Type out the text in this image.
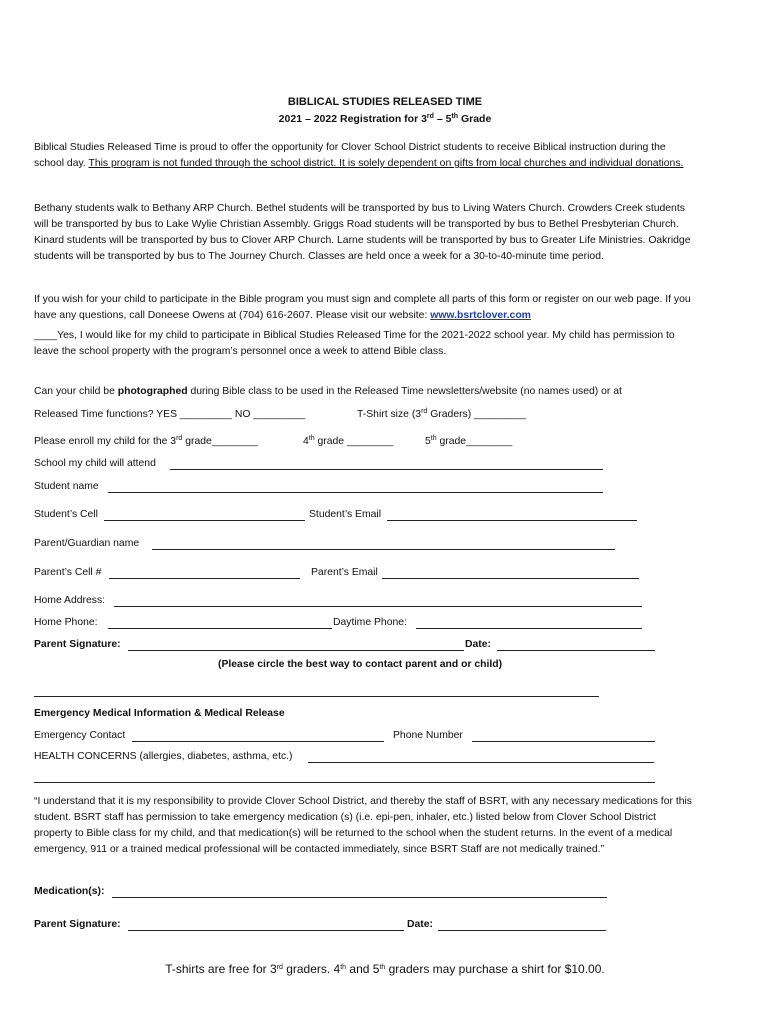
BIBLICAL STUDIES RELEASED TIME
2021 – 2022 Registration for 3rd – 5th Grade
Biblical Studies Released Time is proud to offer the opportunity for Clover School District students to receive Biblical instruction during the school day. This program is not funded through the school district. It is solely dependent on gifts from local churches and individual donations.
Bethany students walk to Bethany ARP Church. Bethel students will be transported by bus to Living Waters Church. Crowders Creek students will be transported by bus to Lake Wylie Christian Assembly. Griggs Road students will be transported by bus to Bethel Presbyterian Church. Kinard students will be transported by bus to Clover ARP Church. Larne students will be transported by bus to Greater Life Ministries. Oakridge students will be transported by bus to The Journey Church. Classes are held once a week for a 30-to-40-minute time period.
If you wish for your child to participate in the Bible program you must sign and complete all parts of this form or register on our web page. If you have any questions, call Doneese Owens at (704) 616-2607. Please visit our website: www.bsrtclover.com
____Yes, I would like for my child to participate in Biblical Studies Released Time for the 2021-2022 school year. My child has permission to leave the school property with the program’s personnel once a week to attend Bible class.
Can your child be photographed during Bible class to be used in the Released Time newsletters/website (no names used) or at
Released Time functions? YES _________ NO _________	T-Shirt size (3rd Graders) _________
Please enroll my child for the 3rd grade________	4th grade ________	5th grade________
School my child will attend
Student name
Student’s Cell	Student’s Email
Parent/Guardian name
Parent’s Cell #	Parent’s Email
Home Address:
Home Phone:	Daytime Phone:
Parent Signature:	Date:
(Please circle the best way to contact parent and or child)
Emergency Medical Information & Medical Release
Emergency Contact	Phone Number
HEALTH CONCERNS (allergies, diabetes, asthma, etc.)
“I understand that it is my responsibility to provide Clover School District, and thereby the staff of BSRT, with any necessary medications for this student. BSRT staff has permission to take emergency medication (s) (i.e. epi-pen, inhaler, etc.) listed below from Clover School District property to Bible class for my child, and that medication(s) will be returned to the school when the student returns. In the event of a medical emergency, 911 or a trained medical professional will be contacted immediately, since BSRT Staff are not medically trained.”
Medication(s):
Parent Signature:	Date:
T-shirts are free for 3rd graders. 4th and 5th graders may purchase a shirt for $10.00.
